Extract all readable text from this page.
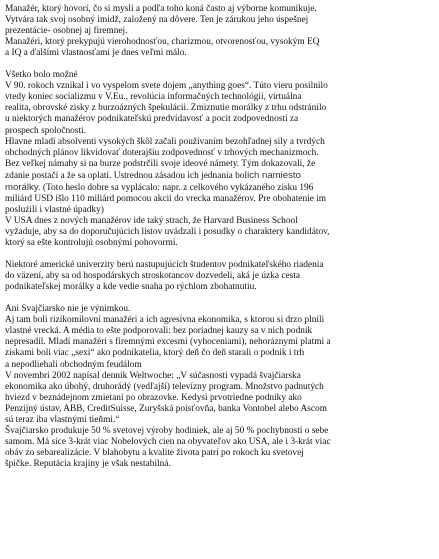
Manažér, ktorý hovorí, čo si myslí a podľa toho koná často aj výborne komunikuje.
Vytvára tak svoj osobný imidž, založený na dôvere. Ten je zárukou jeho úspešnej
prezentácie- osobnej aj firemnej.
Manažéri, ktorý prekypujú vierohodnosťou, charizmou, otvorenosťou, vysokým EQ
a IQ a ďalšími vlastnosťami je dnes veľmi málo.
Všetko bolo možné
V 90. rokoch vznikal i vo vyspelom svete dojem „anything goes“. Túto vieru posilnilo
vtedy koniec socializmu v V.Eu., revolúcia informačných technológií, virtuálna
realita, obrovské zisky z burzoázných špekulácii. Zmiznutie morálky z trhu odstránilo
u niektorých manažérov podnikateľskú predvídavosť a pocit zodpovednosti za
prospech spoločnosti.
Hlavne mladí absolventi vysokých škôl začali používaním bezohľadnej sily a tvrdých
obchodných plánov likvidovať doterajšiu zodpovednosť v trhových mechanizmoch.
Bez veľkej námahy si na burze podstrčili svoje ideové námety. Tým dokazovali, že
zdanie postačí a že sa oplatí. Ustrednou zásadou ich jednania bolich namiesto
morálky. (Toto heslo dobre sa vyplácalo: napr. z celkového vykázaného zisku 196
miliárd USD išlo 110 miliárd pomocou akcií do vrecka manažérov. Pre obohatenie im
posluźili i vlastné úpadky)
V USA dnes z nových manažérov ide taký strach, že Harvard Business School
vyžaduje, aby sa do doporučujúcich listov uvádzali i posudky o charaktery kandidátov,
ktorý sa ešte kontrolujú osobnými pohovormi.
Niektoré americké univerzity berú nastupujúcich študentov podnikateľského riadenia
do väzení, aby sa od hospodárskych stroskotancov dozvedeli, aká je úzka cesta
podnikateľskej morálky a kde vedie snaha po rýchlom zbohatnutiu.
Ani Svajčiarsko nie je výnimkou.
Aj tam boli rizikomilovní manažéri a ich agresívna ekonomika, s ktorou si drzo plnili
vlastné vrecká. A média to ešte podporovali: bez poriadnej kauzy sa v nich podnik
nepresadil. Mladí manažéri s firemnými excesmi (vyhoceniami), nehoráznymi platmi a
ziskami boli viac „sexi“ ako podnikatelia, ktorý deň čo deň starali o podnik i trh
a nepodliehali obchodným feudálom
V novembri 2002 napísal denník Weltwoche: „V súčasnosti vypadá švajčiarska
ekonomika ako úbohý, druhorádý (vedľajší) televízny program. Množstvo padnutých
hviezd v beznádejnom zmietaní po obrazovke. Kedysi prvotriedne podniky ako
Penzijný ústav, ABB, CreditSuisse, Zuryšská poisťovňa, banka Vontobel alebo Ascom
sú teraz iba vlastnými tieňmi.“
Švajčiarsko produkuje 50 % svetovej výroby hodiniek, ale aj 50 % pochybností o sebe
samom. Má síce 3-krát viac Nobelových cien na obyvateľov ako USA, ale i 3-krát viac
obáv zo sebarealizácie. V blahobytu a kvalite života patrí po rokoch ku svetovej
špičke. Reputácia krajiny je však nestabilná.
